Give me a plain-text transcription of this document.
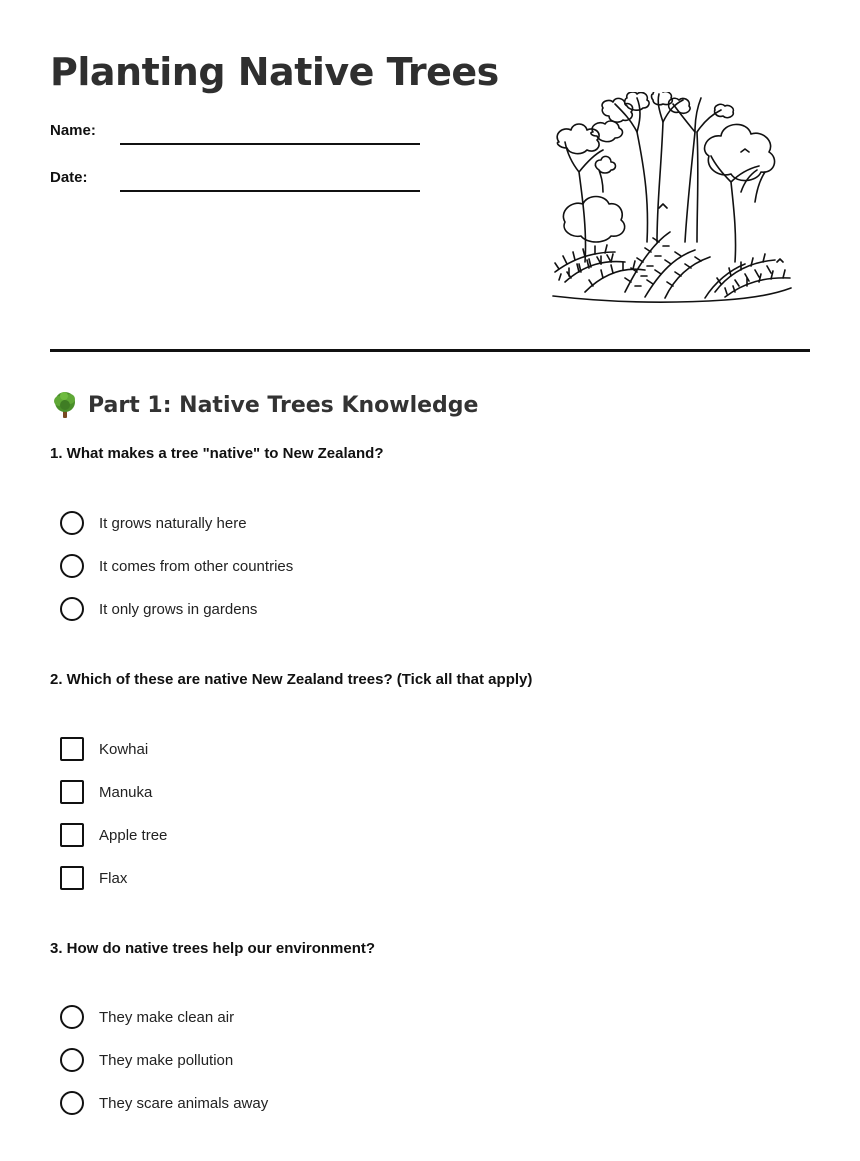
Planting Native Trees
Name:
Date:
Part 1: Native Trees Knowledge
1. What makes a tree "native" to New Zealand?
It grows naturally here
It comes from other countries
It only grows in gardens
2. Which of these are native New Zealand trees? (Tick all that apply)
Kowhai
Manuka
Apple tree
Flax
3. How do native trees help our environment?
They make clean air
They make pollution
They scare animals away
